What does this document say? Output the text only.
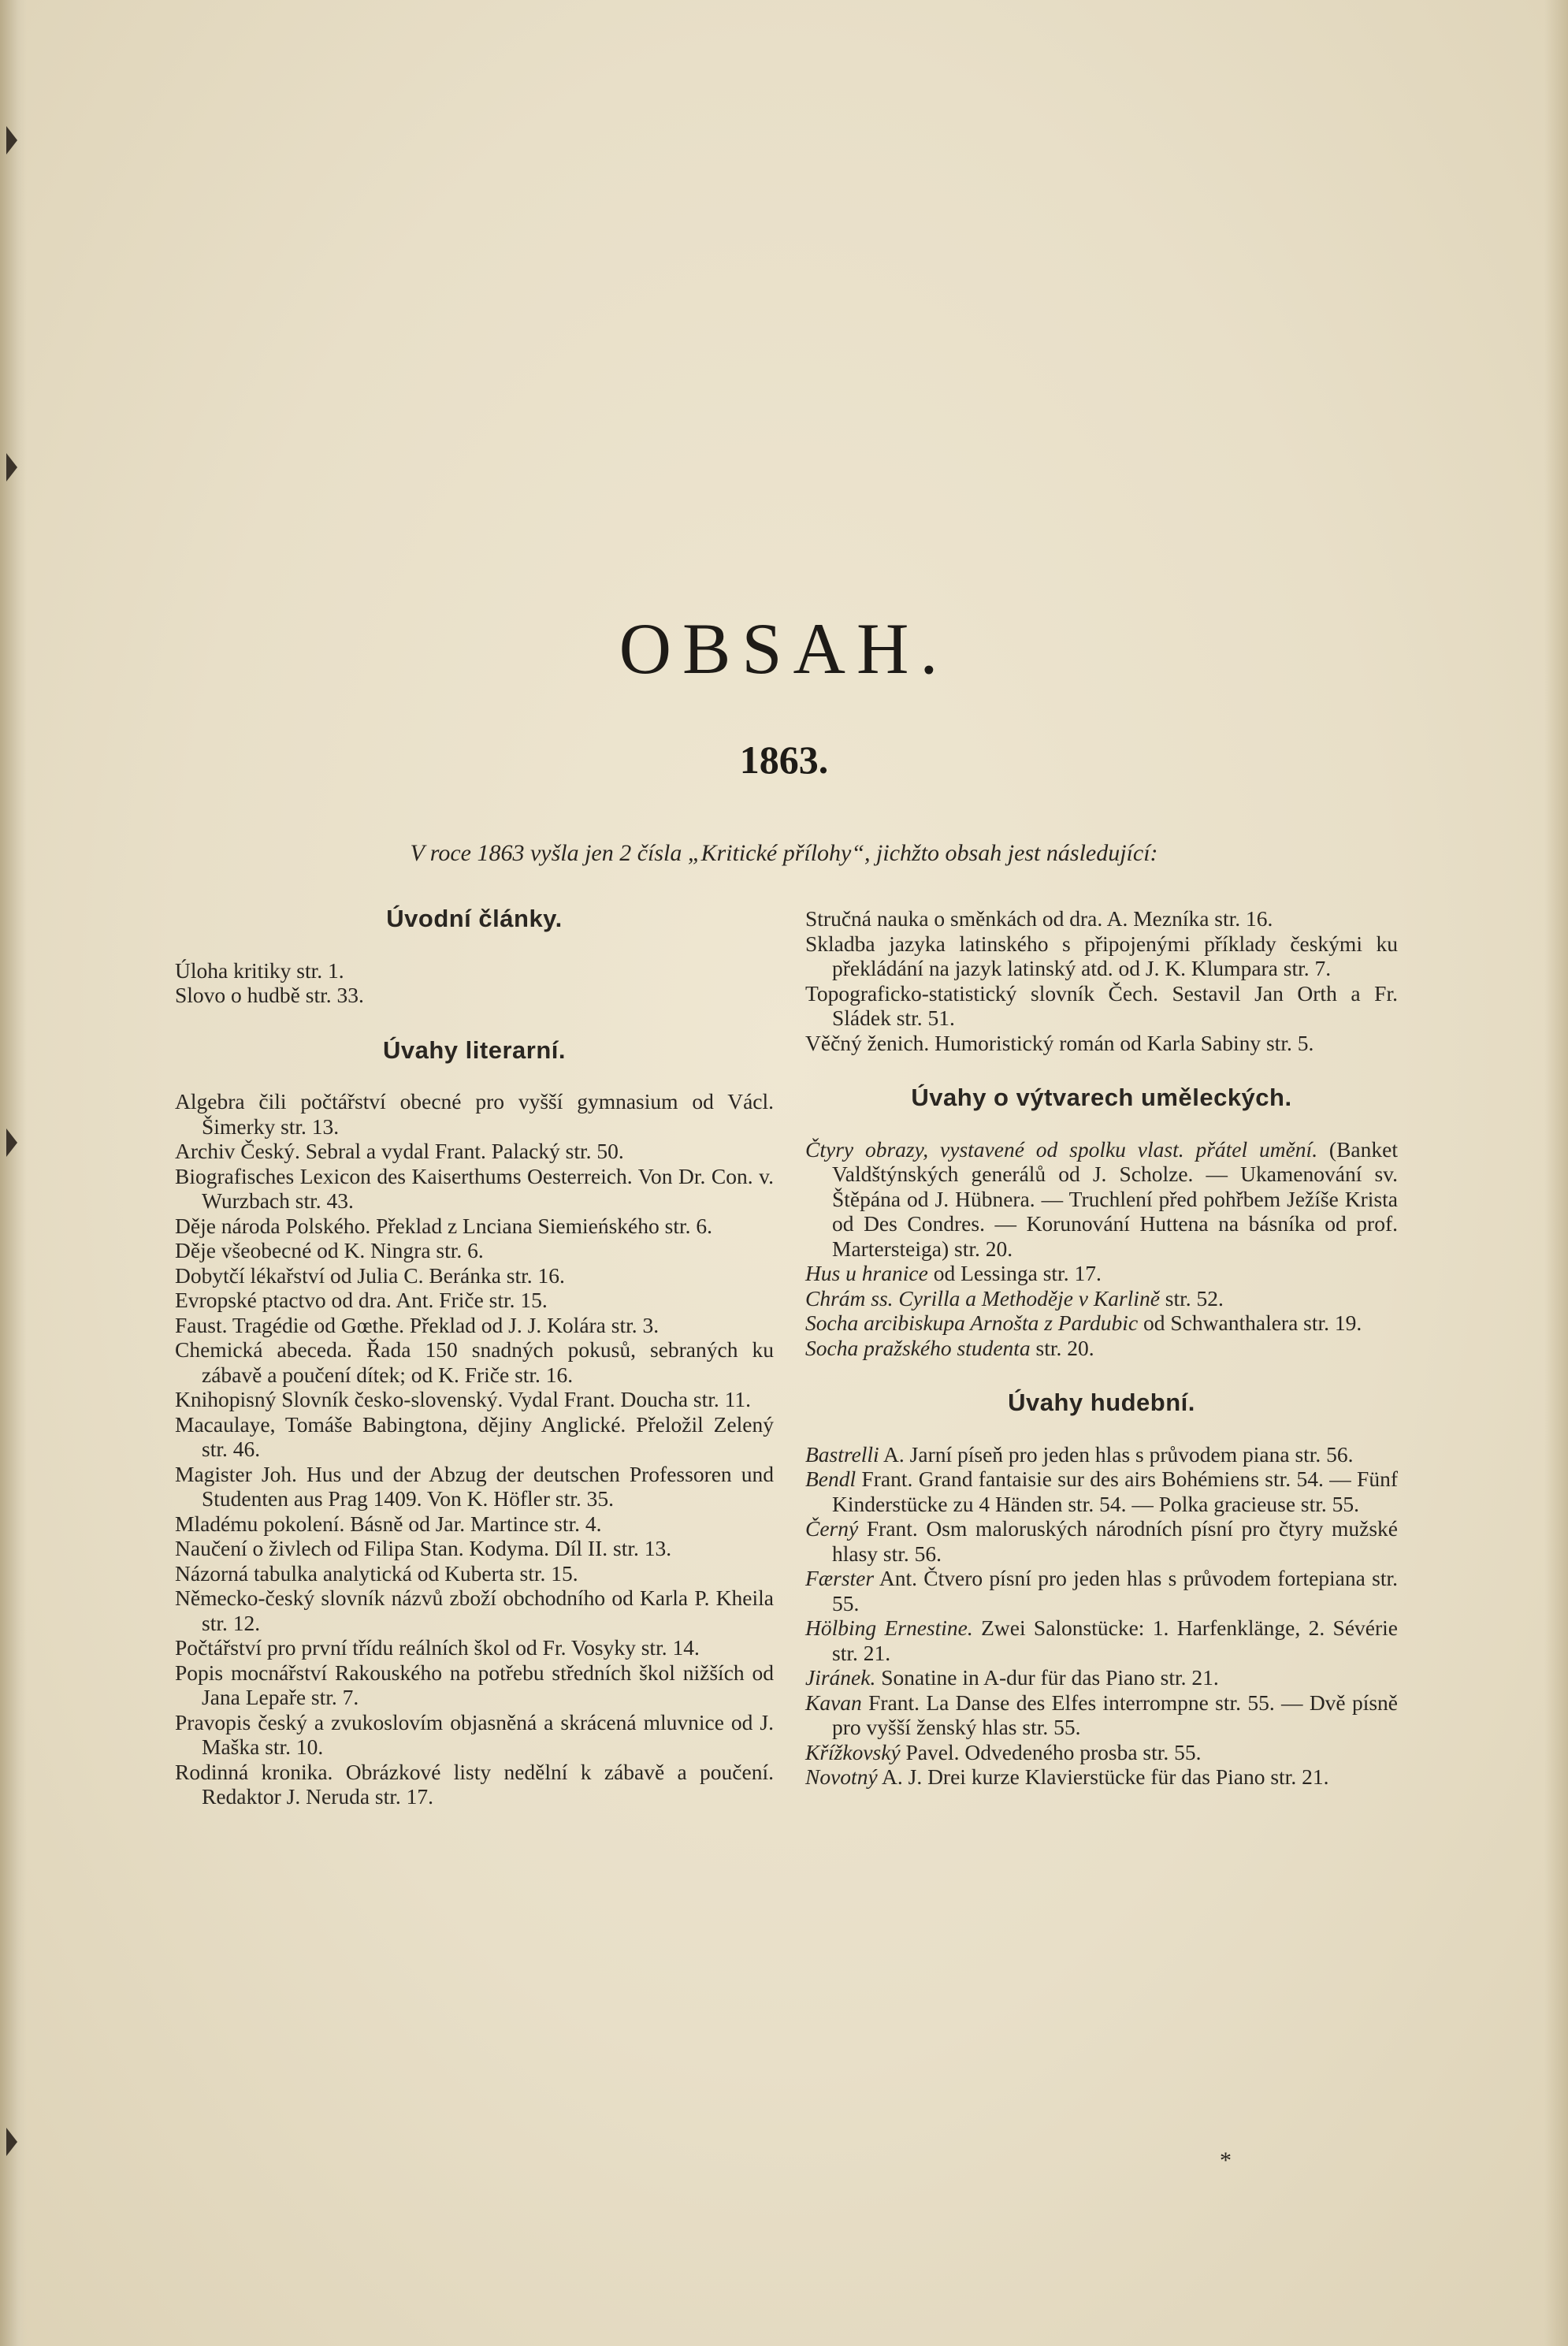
OBSAH.
1863.
V roce 1863 vyšla jen 2 čísla „Kritické přílohy“, jichžto obsah jest následující:
Úvodní články.

Úloha kritiky str. 1.

Slovo o hudbě str. 33.

Úvahy literarní.

Algebra čili počtářství obecné pro vyšší gymnasium od Václ. Šimerky str. 13.

Archiv Český. Sebral a vydal Frant. Palacký str. 50.

Biografisches Lexicon des Kaiserthums Oesterreich. Von Dr. Con. v. Wurzbach str. 43.

Děje národa Polského. Překlad z Lnciana Siemieńského str. 6.

Děje všeobecné od K. Ningra str. 6.

Dobytčí lékařství od Julia C. Beránka str. 16.

Evropské ptactvo od dra. Ant. Friče str. 15.

Faust. Tragédie od Gœthe. Překlad od J. J. Kolára str. 3.

Chemická abeceda. Řada 150 snadných pokusů, sebraných ku zábavě a poučení dítek; od K. Friče str. 16.

Knihopisný Slovník česko-slovenský. Vydal Frant. Doucha str. 11.

Macaulaye, Tomáše Babingtona, dějiny Anglické. Přeložil Zelený str. 46.

Magister Joh. Hus und der Abzug der deutschen Professoren und Studenten aus Prag 1409. Von K. Höfler str. 35.

Mladému pokolení. Básně od Jar. Martince str. 4.

Naučení o živlech od Filipa Stan. Kodyma. Díl II. str. 13.

Názorná tabulka analytická od Kuberta str. 15.

Německo-český slovník názvů zboží obchodního od Karla P. Kheila str. 12.

Počtářství pro první třídu reálních škol od Fr. Vosyky str. 14.

Popis mocnářství Rakouského na potřebu středních škol nižších od Jana Lepaře str. 7.

Pravopis český a zvukoslovím objasněná a skrácená mluvnice od J. Maška str. 10.

Rodinná kronika. Obrázkové listy nedělní k zábavě a poučení. Redaktor J. Neruda str. 17.

Stručná nauka o směnkách od dra. A. Mezníka str. 16.

Skladba jazyka latinského s připojenými příklady českými ku překládání na jazyk latinský atd. od J. K. Klumpara str. 7.

Topograficko-statistický slovník Čech. Sestavil Jan Orth a Fr. Sládek str. 51.

Věčný ženich. Humoristický román od Karla Sabiny str. 5.

Úvahy o výtvarech uměleckých.

Čtyry obrazy, vystavené od spolku vlast. přátel umění. (Banket Valdštýnských generálů od J. Scholze. — Ukamenování sv. Štěpána od J. Hübnera. — Truchlení před pohřbem Ježíše Krista od Des Condres. — Korunování Huttena na básníka od prof. Martersteiga) str. 20.

Hus u hranice od Lessinga str. 17.

Chrám ss. Cyrilla a Methoděje v Karlině str. 52.

Socha arcibiskupa Arnošta z Pardubic od Schwanthalera str. 19.

Socha pražského studenta str. 20.

Úvahy hudební.

Bastrelli A. Jarní píseň pro jeden hlas s průvodem piana str. 56.

Bendl Frant. Grand fantaisie sur des airs Bohémiens str. 54. — Fünf Kinderstücke zu 4 Händen str. 54. — Polka gracieuse str. 55.

Černý Frant. Osm maloruských národních písní pro čtyry mužské hlasy str. 56.

Færster Ant. Čtvero písní pro jeden hlas s průvodem fortepiana str. 55.

Hölbing Ernestine. Zwei Salonstücke: 1. Harfenklänge, 2. Sévérie str. 21.

Jiránek. Sonatine in A-dur für das Piano str. 21.

Kavan Frant. La Danse des Elfes interrompne str. 55. — Dvě písně pro vyšší ženský hlas str. 55.

Křížkovský Pavel. Odvedeného prosba str. 55.

Novotný A. J. Drei kurze Klavierstücke für das Piano str. 21.

*
